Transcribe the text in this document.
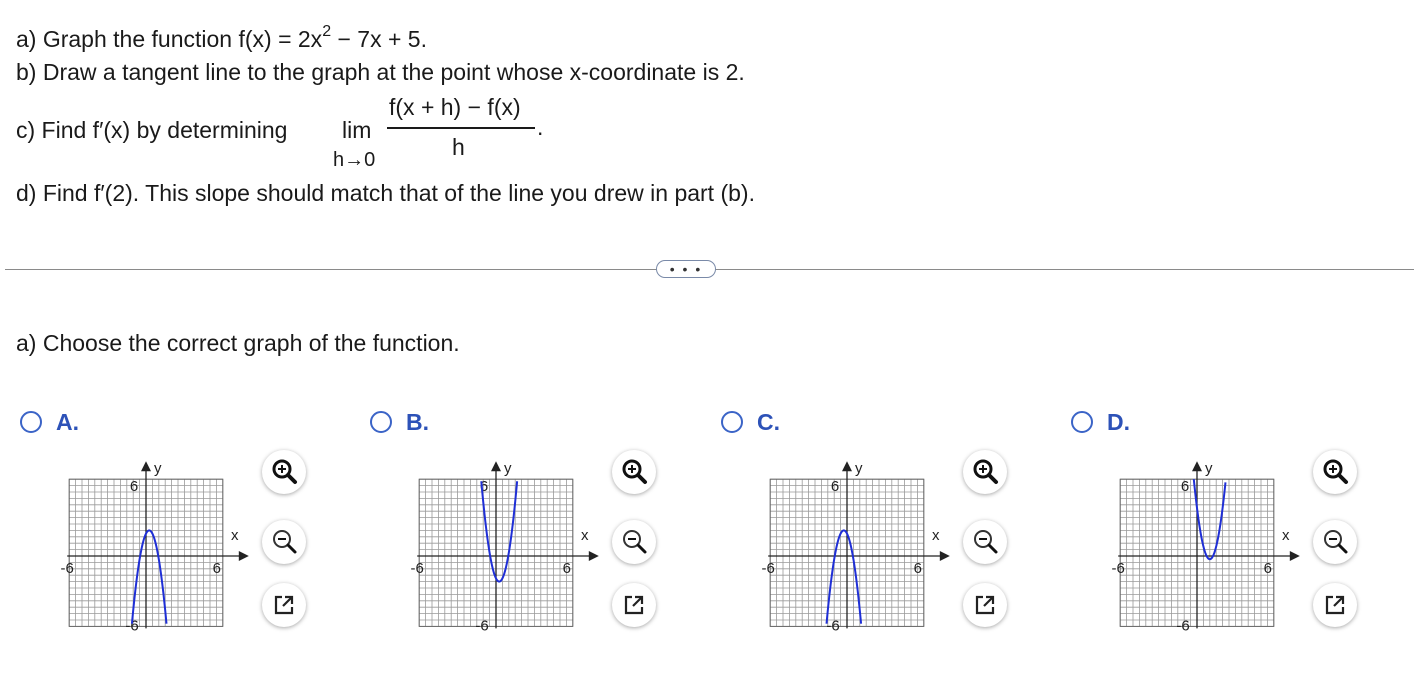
a) Graph the function $f(x) = 2x^2 - 7x + 5$.
b) Draw a tangent line to the graph at the point whose x-coordinate is 2.
c) Find f′(x) by determining lim
h→0
f(x + h) − f(x)
h
.
d) Find f′(2). This slope should match that of the line you drew in part (b).
• • •
a) Choose the correct graph of the function.
A.
y
x
6
-6
-6	6
B.
y
x
6
-6
-6	6
C.
y
x
6
-6
-6	6
D.
y
x
6
-6
-6	6
